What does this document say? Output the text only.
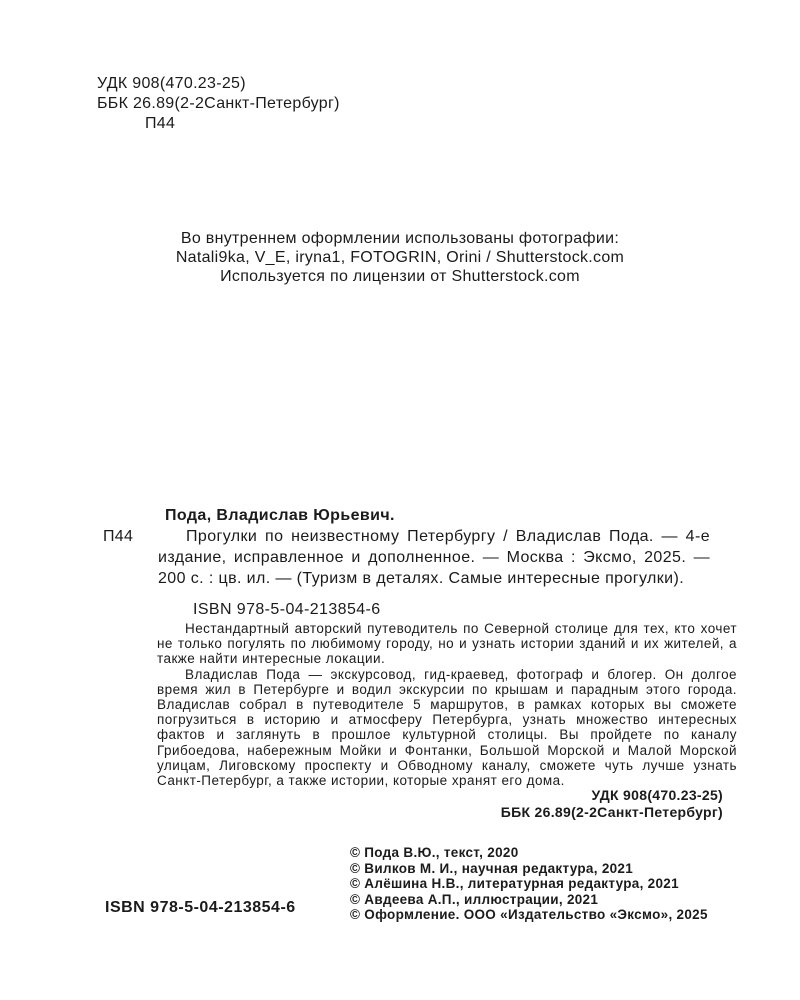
УДК 908(470.23-25)
ББК 26.89(2-2Санкт-Петербург)
П44
Во внутреннем оформлении использованы фотографии:
Natali9ka, V_E, iryna1, FOTOGRIN, Orini / Shutterstock.com
Используется по лицензии от Shutterstock.com
П44
Пода, Владислав Юрьевич.
Прогулки по неизвестному Петербургу / Владислав Пода. — 4-е издание, исправленное и дополненное. — Москва : Эксмо, 2025. — 200 с. : цв. ил. — (Туризм в деталях. Самые интересные прогулки).
ISBN 978-5-04-213854-6

Нестандартный авторский путеводитель по Северной столице для тех, кто хочет не только погулять по любимому городу, но и узнать истории зданий и их жителей, а также найти интересные локации.

Владислав Пода — экскурсовод, гид-краевед, фотограф и блогер. Он долгое время жил в Петербурге и водил экскурсии по крышам и парадным этого города. Владислав собрал в путеводителе 5 маршрутов, в рамках которых вы сможете погрузиться в историю и атмосферу Петербурга, узнать множество интересных фактов и заглянуть в прошлое культурной столицы. Вы пройдете по каналу Грибоедова, набережным Мойки и Фонтанки, Большой Морской и Малой Морской улицам, Лиговскому проспекту и Обводному каналу, сможете чуть лучше узнать Санкт-Петербург, а также истории, которые хранят его дома.

УДК 908(470.23-25)
ББК 26.89(2-2Санкт-Петербург)
© Пода В.Ю., текст, 2020
© Вилков М. И., научная редактура, 2021
© Алёшина Н.В., литературная редактура, 2021
© Авдеева А.П., иллюстрации, 2021
© Оформление. ООО «Издательство «Эксмо», 2025
ISBN 978-5-04-213854-6
